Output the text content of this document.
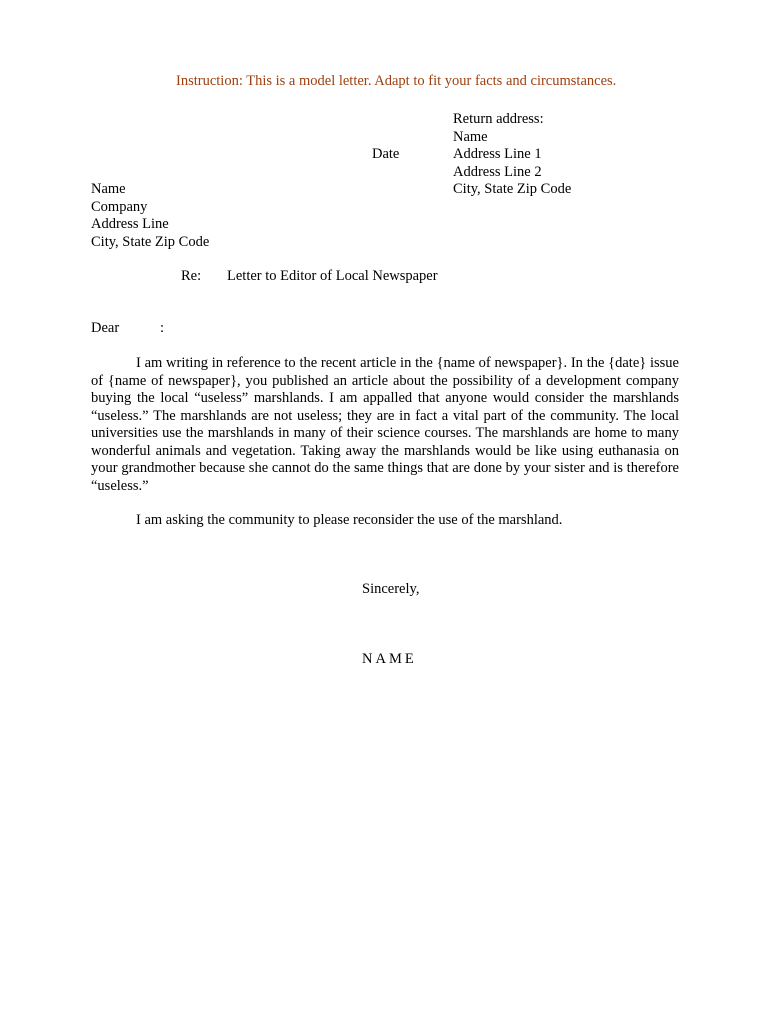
Instruction: This is a model letter. Adapt to fit your facts and circumstances.
Return address:
Name
Address Line 1
Address Line 2
City, State Zip Code
Date
Name
Company
Address Line
City, State Zip Code
Re: Letter to Editor of Local Newspaper
Dear	:
I am writing in reference to the recent article in the {name of newspaper}. In the {date} issue of {name of newspaper}, you published an article about the possibility of a development company buying the local “useless” marshlands. I am appalled that anyone would consider the marshlands “useless.” The marshlands are not useless; they are in fact a vital part of the community. The local universities use the marshlands in many of their science courses. The marshlands are home to many wonderful animals and vegetation. Taking away the marshlands would be like using euthanasia on your grandmother because she cannot do the same things that are done by your sister and is therefore “useless.”
I am asking the community to please reconsider the use of the marshland.
Sincerely,
NAME
